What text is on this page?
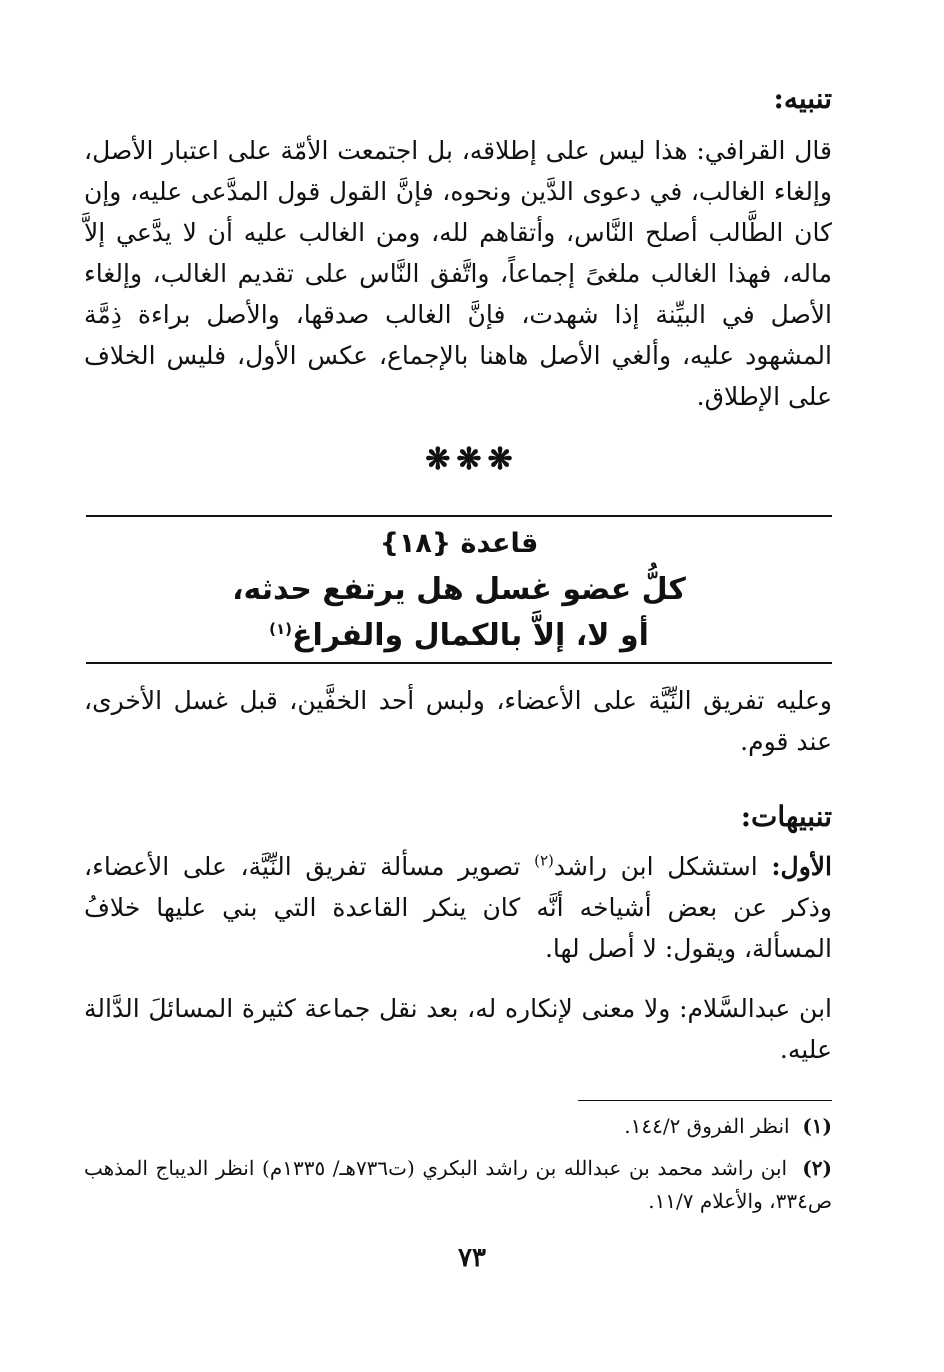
تنبيه:
قال القرافي: هذا ليس على إطلاقه، بل اجتمعت الأمّة على اعتبار الأصل، وإلغاء الغالب، في دعوى الدَّين ونحوه، فإنَّ القول قول المدَّعى عليه، وإن كان الطَّالب أصلح النَّاس، وأتقاهم لله، ومن الغالب عليه أن لا يدَّعي إلاَّ ماله، فهذا الغالب ملغىً إجماعاً، واتَّفق النَّاس على تقديم الغالب، وإلغاء الأصل في البيِّنة إذا شهدت، فإنَّ الغالب صدقها، والأصل براءة ذِمَّة المشهود عليه، وألغي الأصل هاهنا بالإجماع، عكس الأول، فليس الخلاف على الإطلاق.
❋❋❋
قاعدة {١٨}
كلُّ عضو غسل هل يرتفع حدثه،
أو لا، إلاَّ بالكمال والفراغ$^{(١)}$
وعليه تفريق النِّيَّة على الأعضاء، ولبس أحد الخفَّين، قبل غسل الأخرى، عند قوم.
تنبيهات:
الأول: استشكل ابن راشد$^{(٢)}$ تصوير مسألة تفريق النِّيَّة، على الأعضاء، وذكر عن بعض أشياخه أنَّه كان ينكر القاعدة التي بني عليها خلافُ المسألة، ويقول: لا أصل لها.
ابن عبدالسَّلام: ولا معنى لإنكاره له، بعد نقل جماعة كثيرة المسائلَ الدَّالة عليه.
(١)  انظر الفروق ١٤٤/٢.
(٢)  ابن راشد محمد بن عبدالله بن راشد البكري (ت٧٣٦هـ/ ١٣٣٥م) انظر الديباج المذهب ص٣٣٤، والأعلام ١١/٧.
٧٣
